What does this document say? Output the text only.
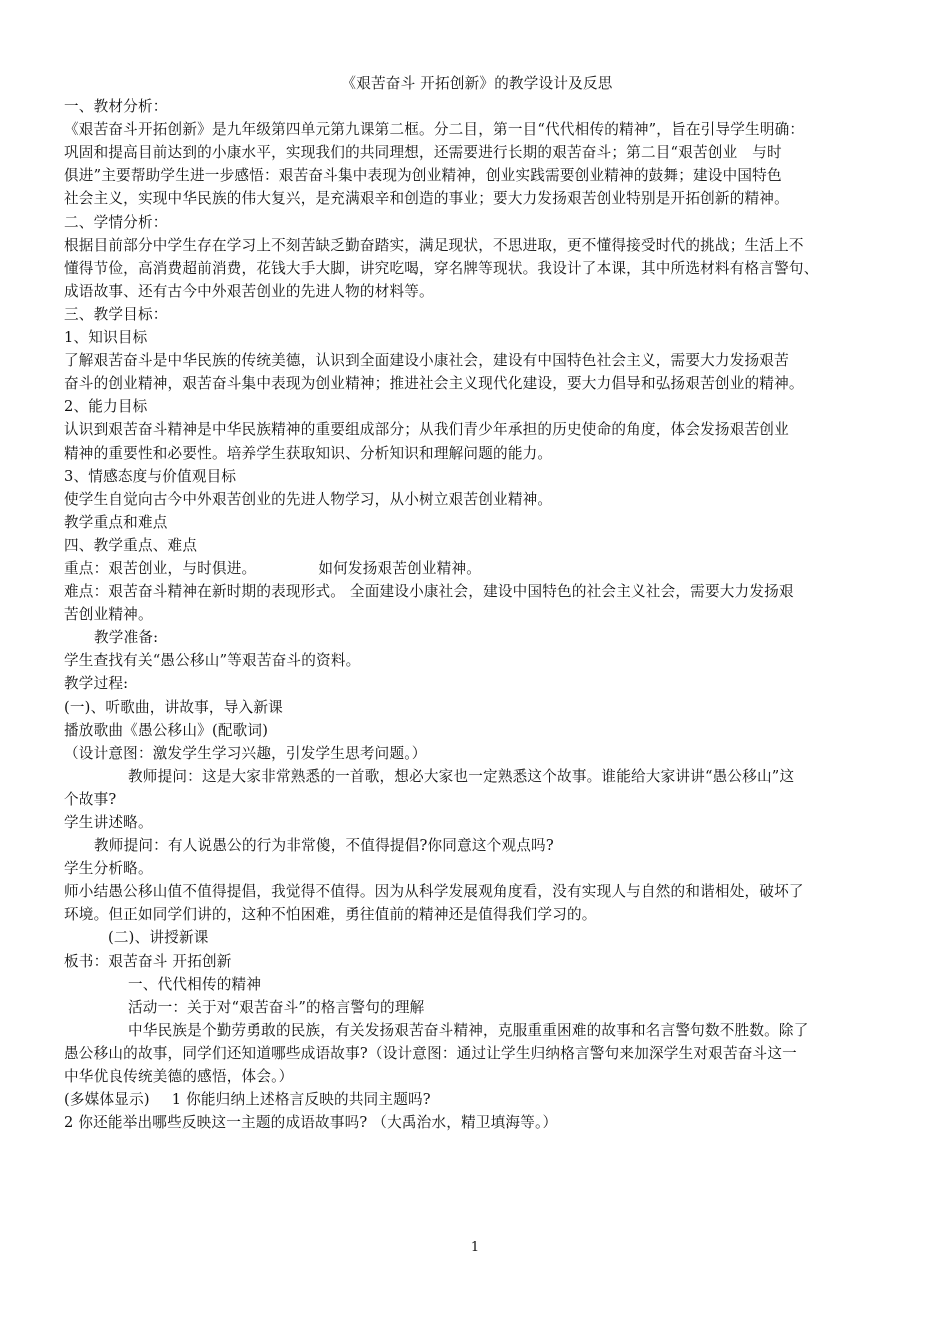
《艰苦奋斗 开拓创新》的教学设计及反思
一、教材分析：
《艰苦奋斗开拓创新》是九年级第四单元第九课第二框。分二目，第一目“代代相传的精神”，旨在引导学生明确：
巩固和提高目前达到的小康水平，实现我们的共同理想，还需要进行长期的艰苦奋斗；第二目“艰苦创业　与时
俱进”主要帮助学生进一步感悟：艰苦奋斗集中表现为创业精神，创业实践需要创业精神的鼓舞；建设中国特色
社会主义，实现中华民族的伟大复兴，是充满艰辛和创造的事业；要大力发扬艰苦创业特别是开拓创新的精神。
二、学情分析：
根据目前部分中学生存在学习上不刻苦缺乏勤奋踏实，满足现状，不思进取，更不懂得接受时代的挑战；生活上不
懂得节俭，高消费超前消费，花钱大手大脚，讲究吃喝，穿名牌等现状。我设计了本课，其中所选材料有格言警句、
成语故事、还有古今中外艰苦创业的先进人物的材料等。
三、教学目标：
1、知识目标
了解艰苦奋斗是中华民族的传统美德，认识到全面建设小康社会，建设有中国特色社会主义，需要大力发扬艰苦
奋斗的创业精神，艰苦奋斗集中表现为创业精神；推进社会主义现代化建设，要大力倡导和弘扬艰苦创业的精神。
2、能力目标
认识到艰苦奋斗精神是中华民族精神的重要组成部分；从我们青少年承担的历史使命的角度，体会发扬艰苦创业
精神的重要性和必要性。培养学生获取知识、分析知识和理解问题的能力。
3、情感态度与价值观目标
使学生自觉向古今中外艰苦创业的先进人物学习，从小树立艰苦创业精神。
教学重点和难点
四、教学重点、难点
重点：艰苦创业，与时俱进。	如何发扬艰苦创业精神。
难点：艰苦奋斗精神在新时期的表现形式。 全面建设小康社会，建设中国特色的社会主义社会，需要大力发扬艰
苦创业精神。
教学准备:
学生查找有关“愚公移山”等艰苦奋斗的资料。
教学过程:
(一)、听歌曲，讲故事，导入新课
播放歌曲《愚公移山》(配歌词)
（设计意图：激发学生学习兴趣，引发学生思考问题。）
教师提问：这是大家非常熟悉的一首歌，想必大家也一定熟悉这个故事。谁能给大家讲讲“愚公移山”这
个故事?
学生讲述略。
教师提问：有人说愚公的行为非常傻，不值得提倡?你同意这个观点吗?
学生分析略。
师小结愚公移山值不值得提倡，我觉得不值得。因为从科学发展观角度看，没有实现人与自然的和谐相处，破坏了
环境。但正如同学们讲的，这种不怕困难，勇往值前的精神还是值得我们学习的。
(二)、讲授新课
板书：艰苦奋斗 开拓创新
一、代代相传的精神
活动一：关于对“艰苦奋斗”的格言警句的理解
中华民族是个勤劳勇敢的民族，有关发扬艰苦奋斗精神，克服重重困难的故事和名言警句数不胜数。除了
愚公移山的故事，同学们还知道哪些成语故事?（设计意图：通过让学生归纳格言警句来加深学生对艰苦奋斗这一
中华优良传统美德的感悟，体会。）
(多媒体显示) 1 你能归纳上述格言反映的共同主题吗?
2 你还能举出哪些反映这一主题的成语故事吗? （大禹治水，精卫填海等。）
1
